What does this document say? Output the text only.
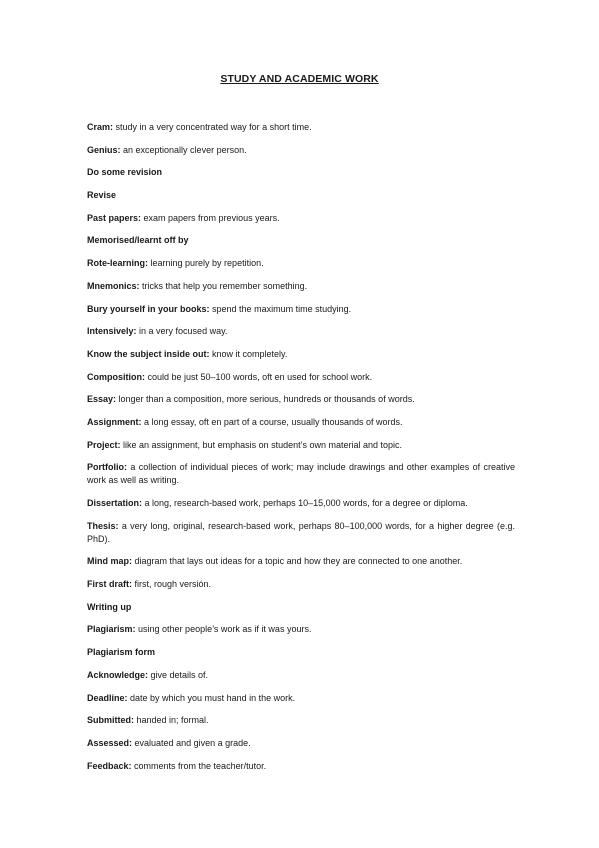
STUDY AND ACADEMIC WORK

Cram: study in a very concentrated way for a short time.

Genius: an exceptionally clever person.

Do some revision

Revise

Past papers: exam papers from previous years.

Memorised/learnt off by

Rote-learning: learning purely by repetition.

Mnemonics: tricks that help you remember something.

Bury yourself in your books: spend the maximum time studying.

Intensively: in a very focused way.

Know the subject inside out: know it completely.

Composition: could be just 50–100 words, oft en used for school work.

Essay: longer than a composition, more serious, hundreds or thousands of words.

Assignment: a long essay, oft en part of a course, usually thousands of words.

Project: like an assignment, but emphasis on student’s own material and topic.

Portfolio: a collection of individual pieces of work; may include drawings and other examples of creative work as well as writing.

Dissertation: a long, research-based work, perhaps 10–15,000 words, for a degree or diploma.

Thesis: a very long, original, research-based work, perhaps 80–100,000 words, for a higher degree (e.g. PhD).

Mind map: diagram that lays out ideas for a topic and how they are connected to one another.

First draft: first, rough versión.

Writing up

Plagiarism: using other people’s work as if it was yours.

Plagiarism form

Acknowledge: give details of.

Deadline: date by which you must hand in the work.

Submitted: handed in; formal.

Assessed: evaluated and given a grade.

Feedback: comments from the teacher/tutor.
